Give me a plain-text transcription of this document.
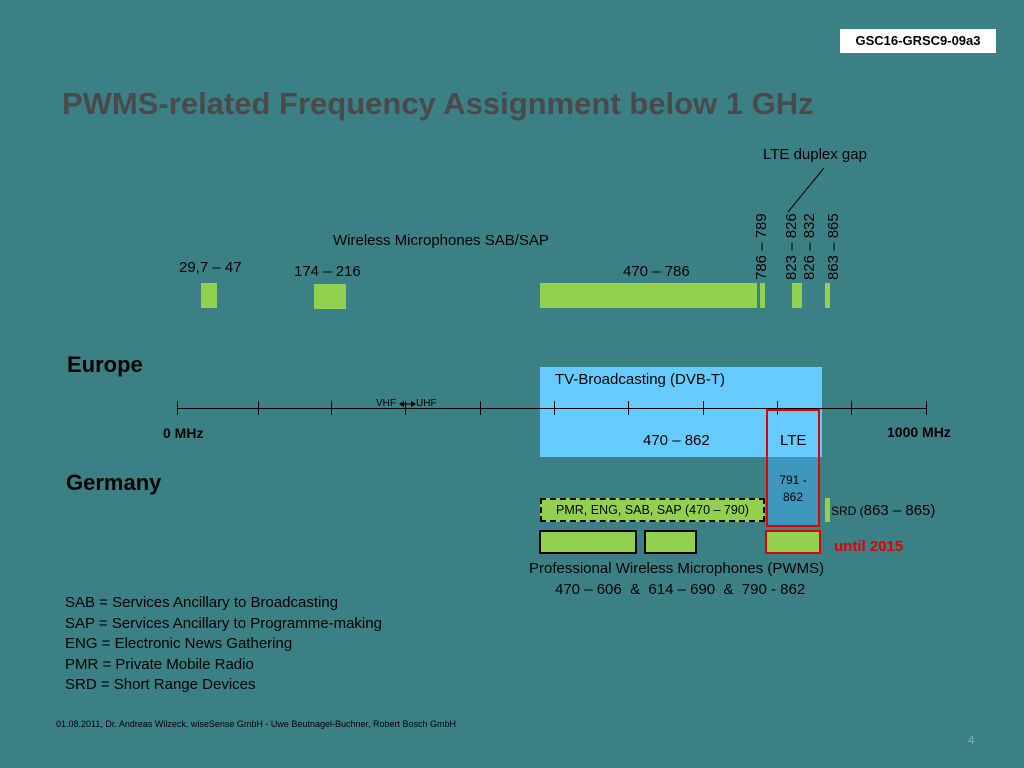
GSC16-GRSC9-09a3
PWMS-related Frequency Assignment below 1 GHz
LTE duplex gap
Wireless Microphones SAB/SAP
29,7 – 47	174 – 216	470 – 786	786 – 789 823 – 826 826 – 832 863 – 865
Europe
TV-Broadcasting (DVB-T)
470 – 862
VHF UHF
0 MHz	1000 MHz
LTE
791 - 862
Germany
PMR, ENG, SAB, SAP (470 – 790)	SRD (863 – 865)
until 2015
Professional Wireless Microphones (PWMS)
470 – 606  &  614 – 690  &  790 - 862
SAB = Services Ancillary to Broadcasting
SAP = Services Ancillary to Programme-making
ENG = Electronic News Gathering
PMR = Private Mobile Radio
SRD = Short Range Devices
01.08.2011, Dr. Andreas Wilzeck, wiseSense GmbH - Uwe Beutnagel-Buchner, Robert Bosch GmbH
4
